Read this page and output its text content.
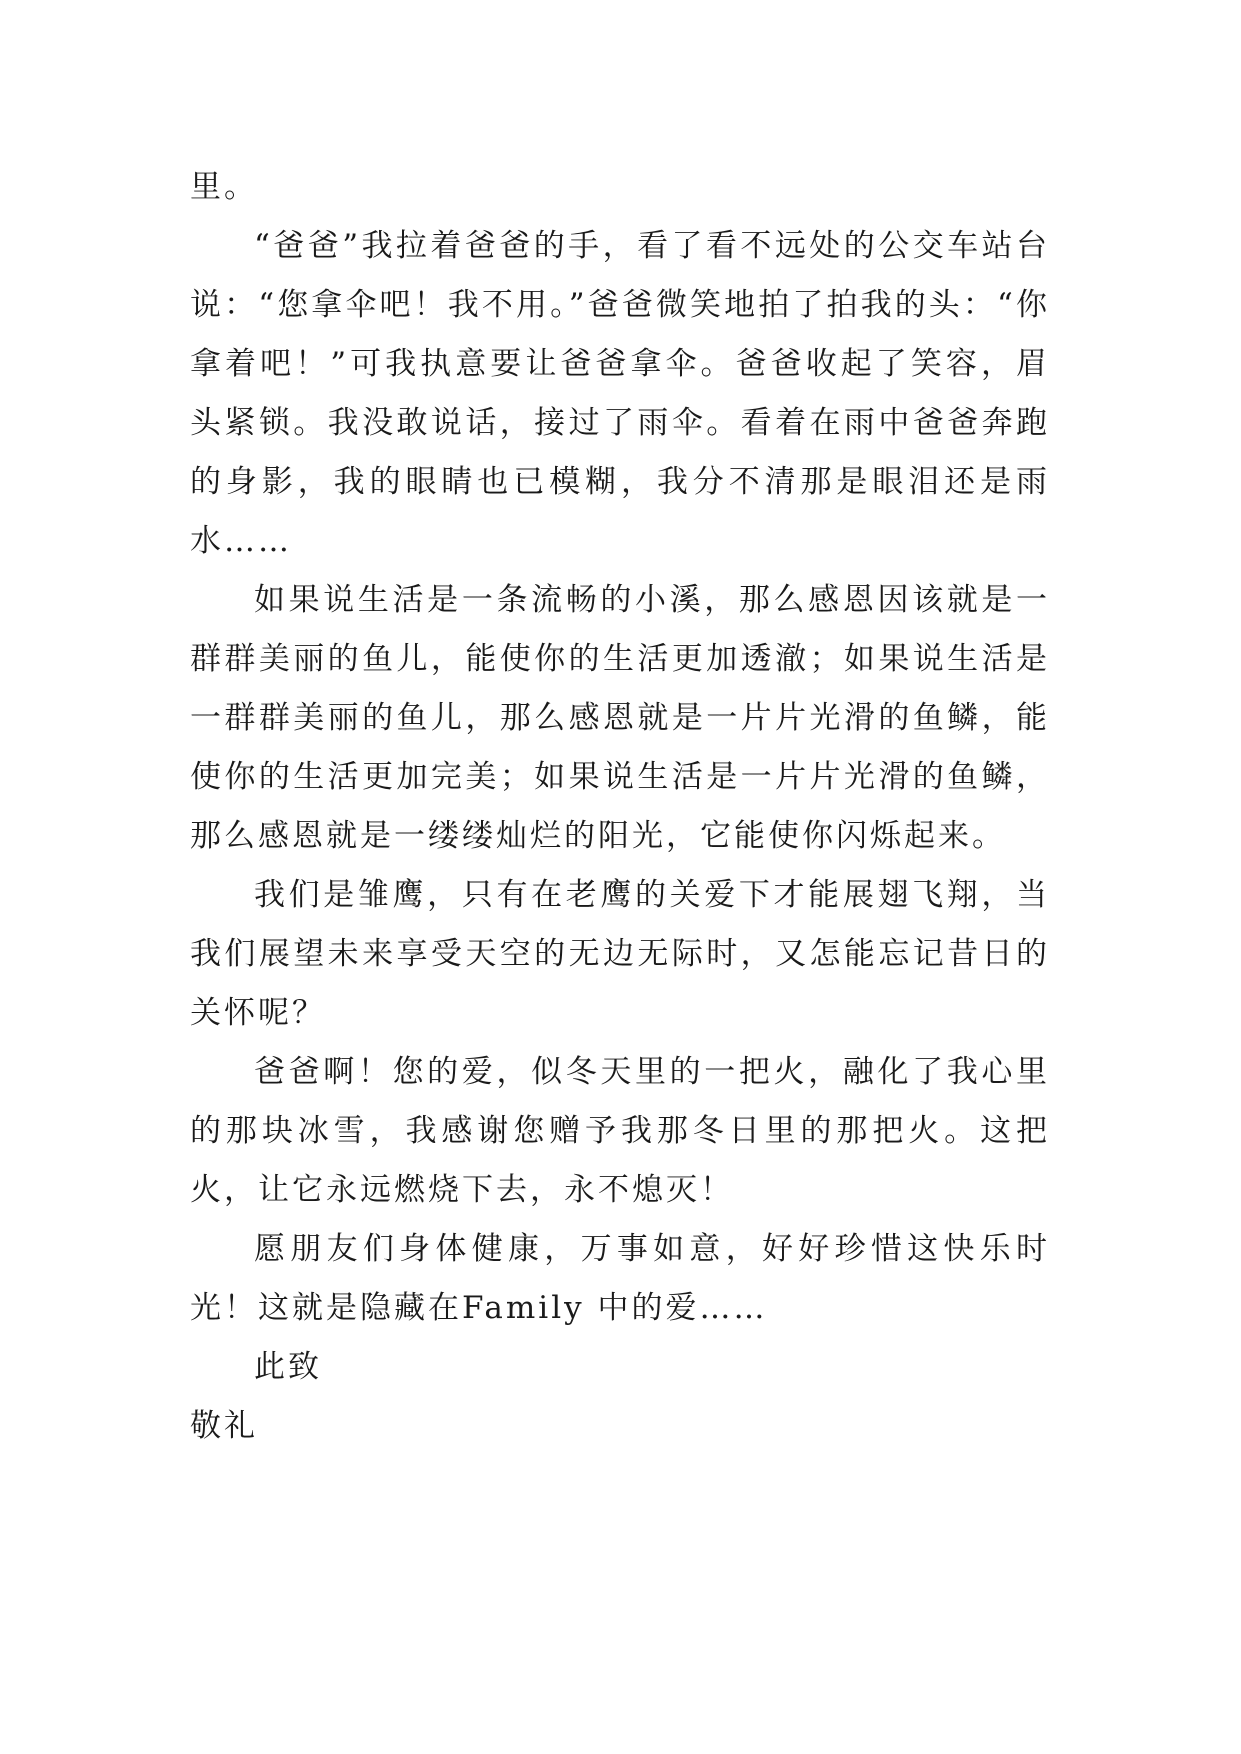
里。

“爸爸”我拉着爸爸的手，看了看不远处的公交车站台说：“您拿伞吧！我不用。”爸爸微笑地拍了拍我的头：“你拿着吧！”可我执意要让爸爸拿伞。爸爸收起了笑容，眉头紧锁。我没敢说话，接过了雨伞。看着在雨中爸爸奔跑的身影，我的眼睛也已模糊，我分不清那是眼泪还是雨水……

如果说生活是一条流畅的小溪，那么感恩因该就是一群群美丽的鱼儿，能使你的生活更加透澈；如果说生活是一群群美丽的鱼儿，那么感恩就是一片片光滑的鱼鳞，能使你的生活更加完美；如果说生活是一片片光滑的鱼鳞，那么感恩就是一缕缕灿烂的阳光，它能使你闪烁起来。

我们是雏鹰，只有在老鹰的关爱下才能展翅飞翔，当我们展望未来享受天空的无边无际时，又怎能忘记昔日的关怀呢？

爸爸啊！您的爱，似冬天里的一把火，融化了我心里的那块冰雪，我感谢您赠予我那冬日里的那把火。这把火，让它永远燃烧下去，永不熄灭！

愿朋友们身体健康，万事如意，好好珍惜这快乐时光！这就是隐藏在Family 中的爱……

此致

敬礼
